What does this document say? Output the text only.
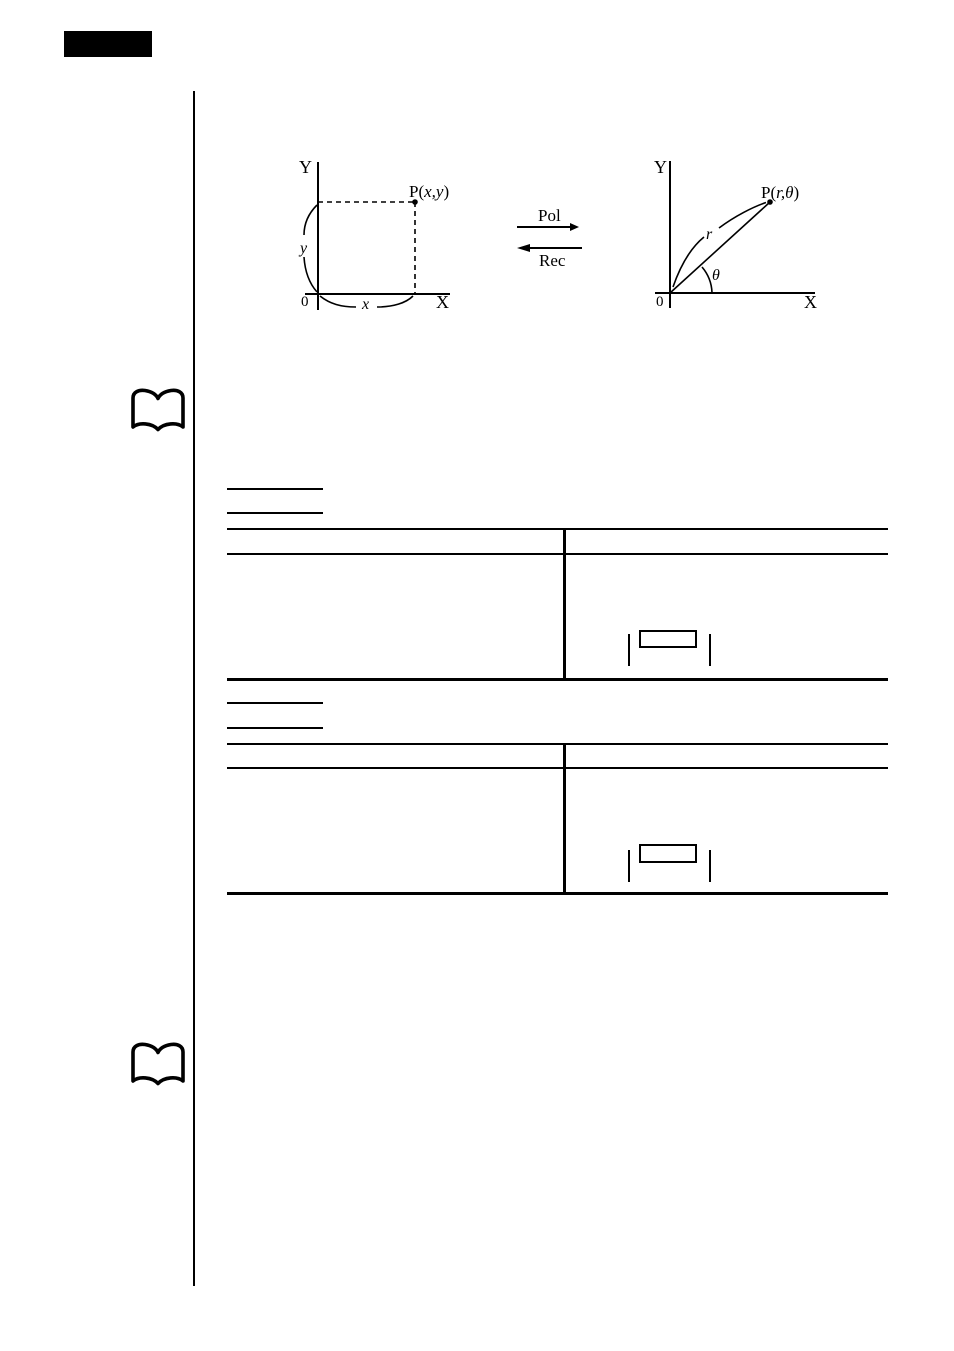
Y
X
0
P(x,y)
y
x
Pol
Rec
Y
X
0
P(r,θ)
r
θ
